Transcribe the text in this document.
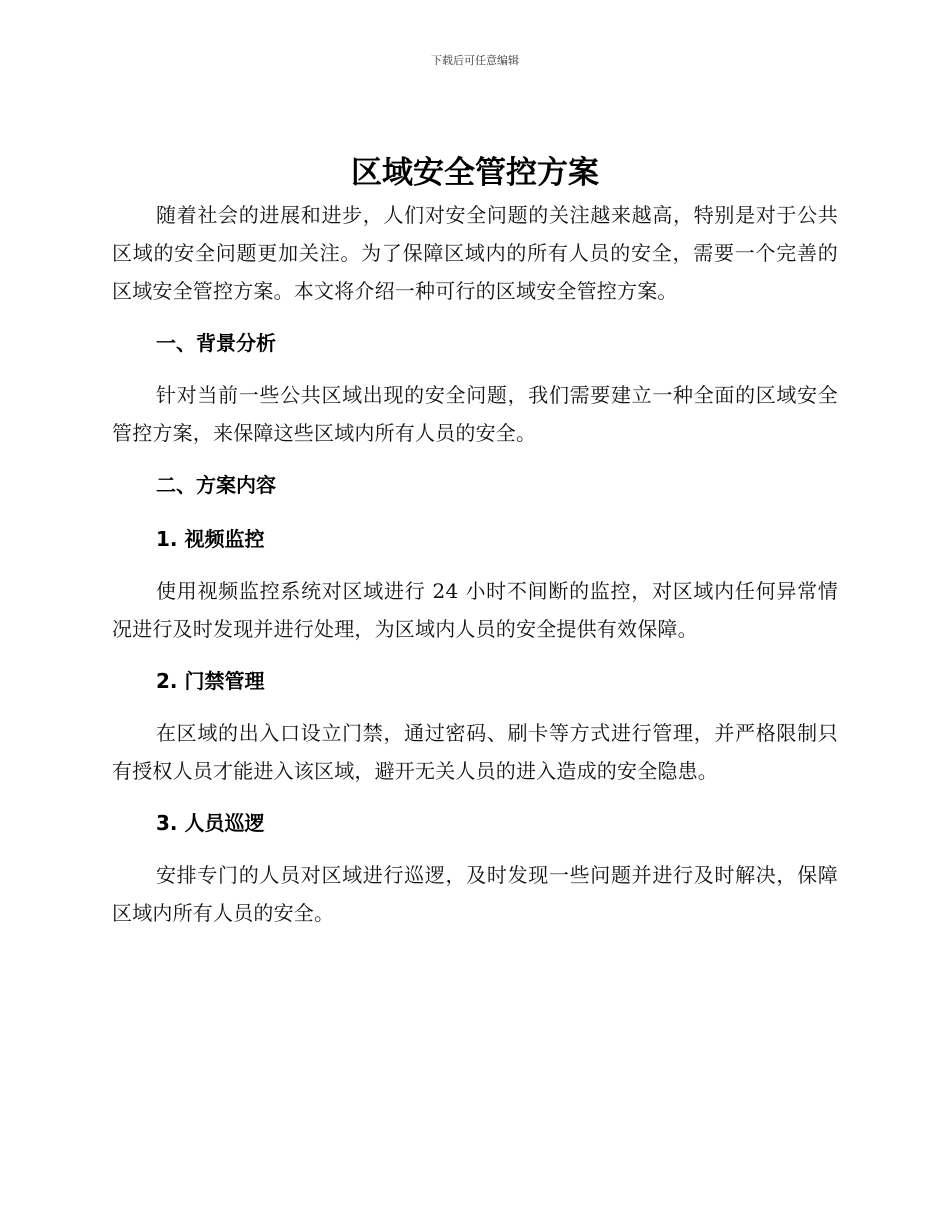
下载后可任意编辑
区域安全管控方案

随着社会的进展和进步，人们对安全问题的关注越来越高，特别是对于公共区域的安全问题更加关注。为了保障区域内的所有人员的安全，需要一个完善的区域安全管控方案。本文将介绍一种可行的区域安全管控方案。

一、背景分析

针对当前一些公共区域出现的安全问题，我们需要建立一种全面的区域安全管控方案，来保障这些区域内所有人员的安全。

二、方案内容
1. 视频监控

使用视频监控系统对区域进行 24 小时不间断的监控，对区域内任何异常情况进行及时发现并进行处理，为区域内人员的安全提供有效保障。

2. 门禁管理

在区域的出入口设立门禁，通过密码、刷卡等方式进行管理，并严格限制只有授权人员才能进入该区域，避开无关人员的进入造成的安全隐患。

3. 人员巡逻

安排专门的人员对区域进行巡逻，及时发现一些问题并进行及时解决，保障区域内所有人员的安全。
